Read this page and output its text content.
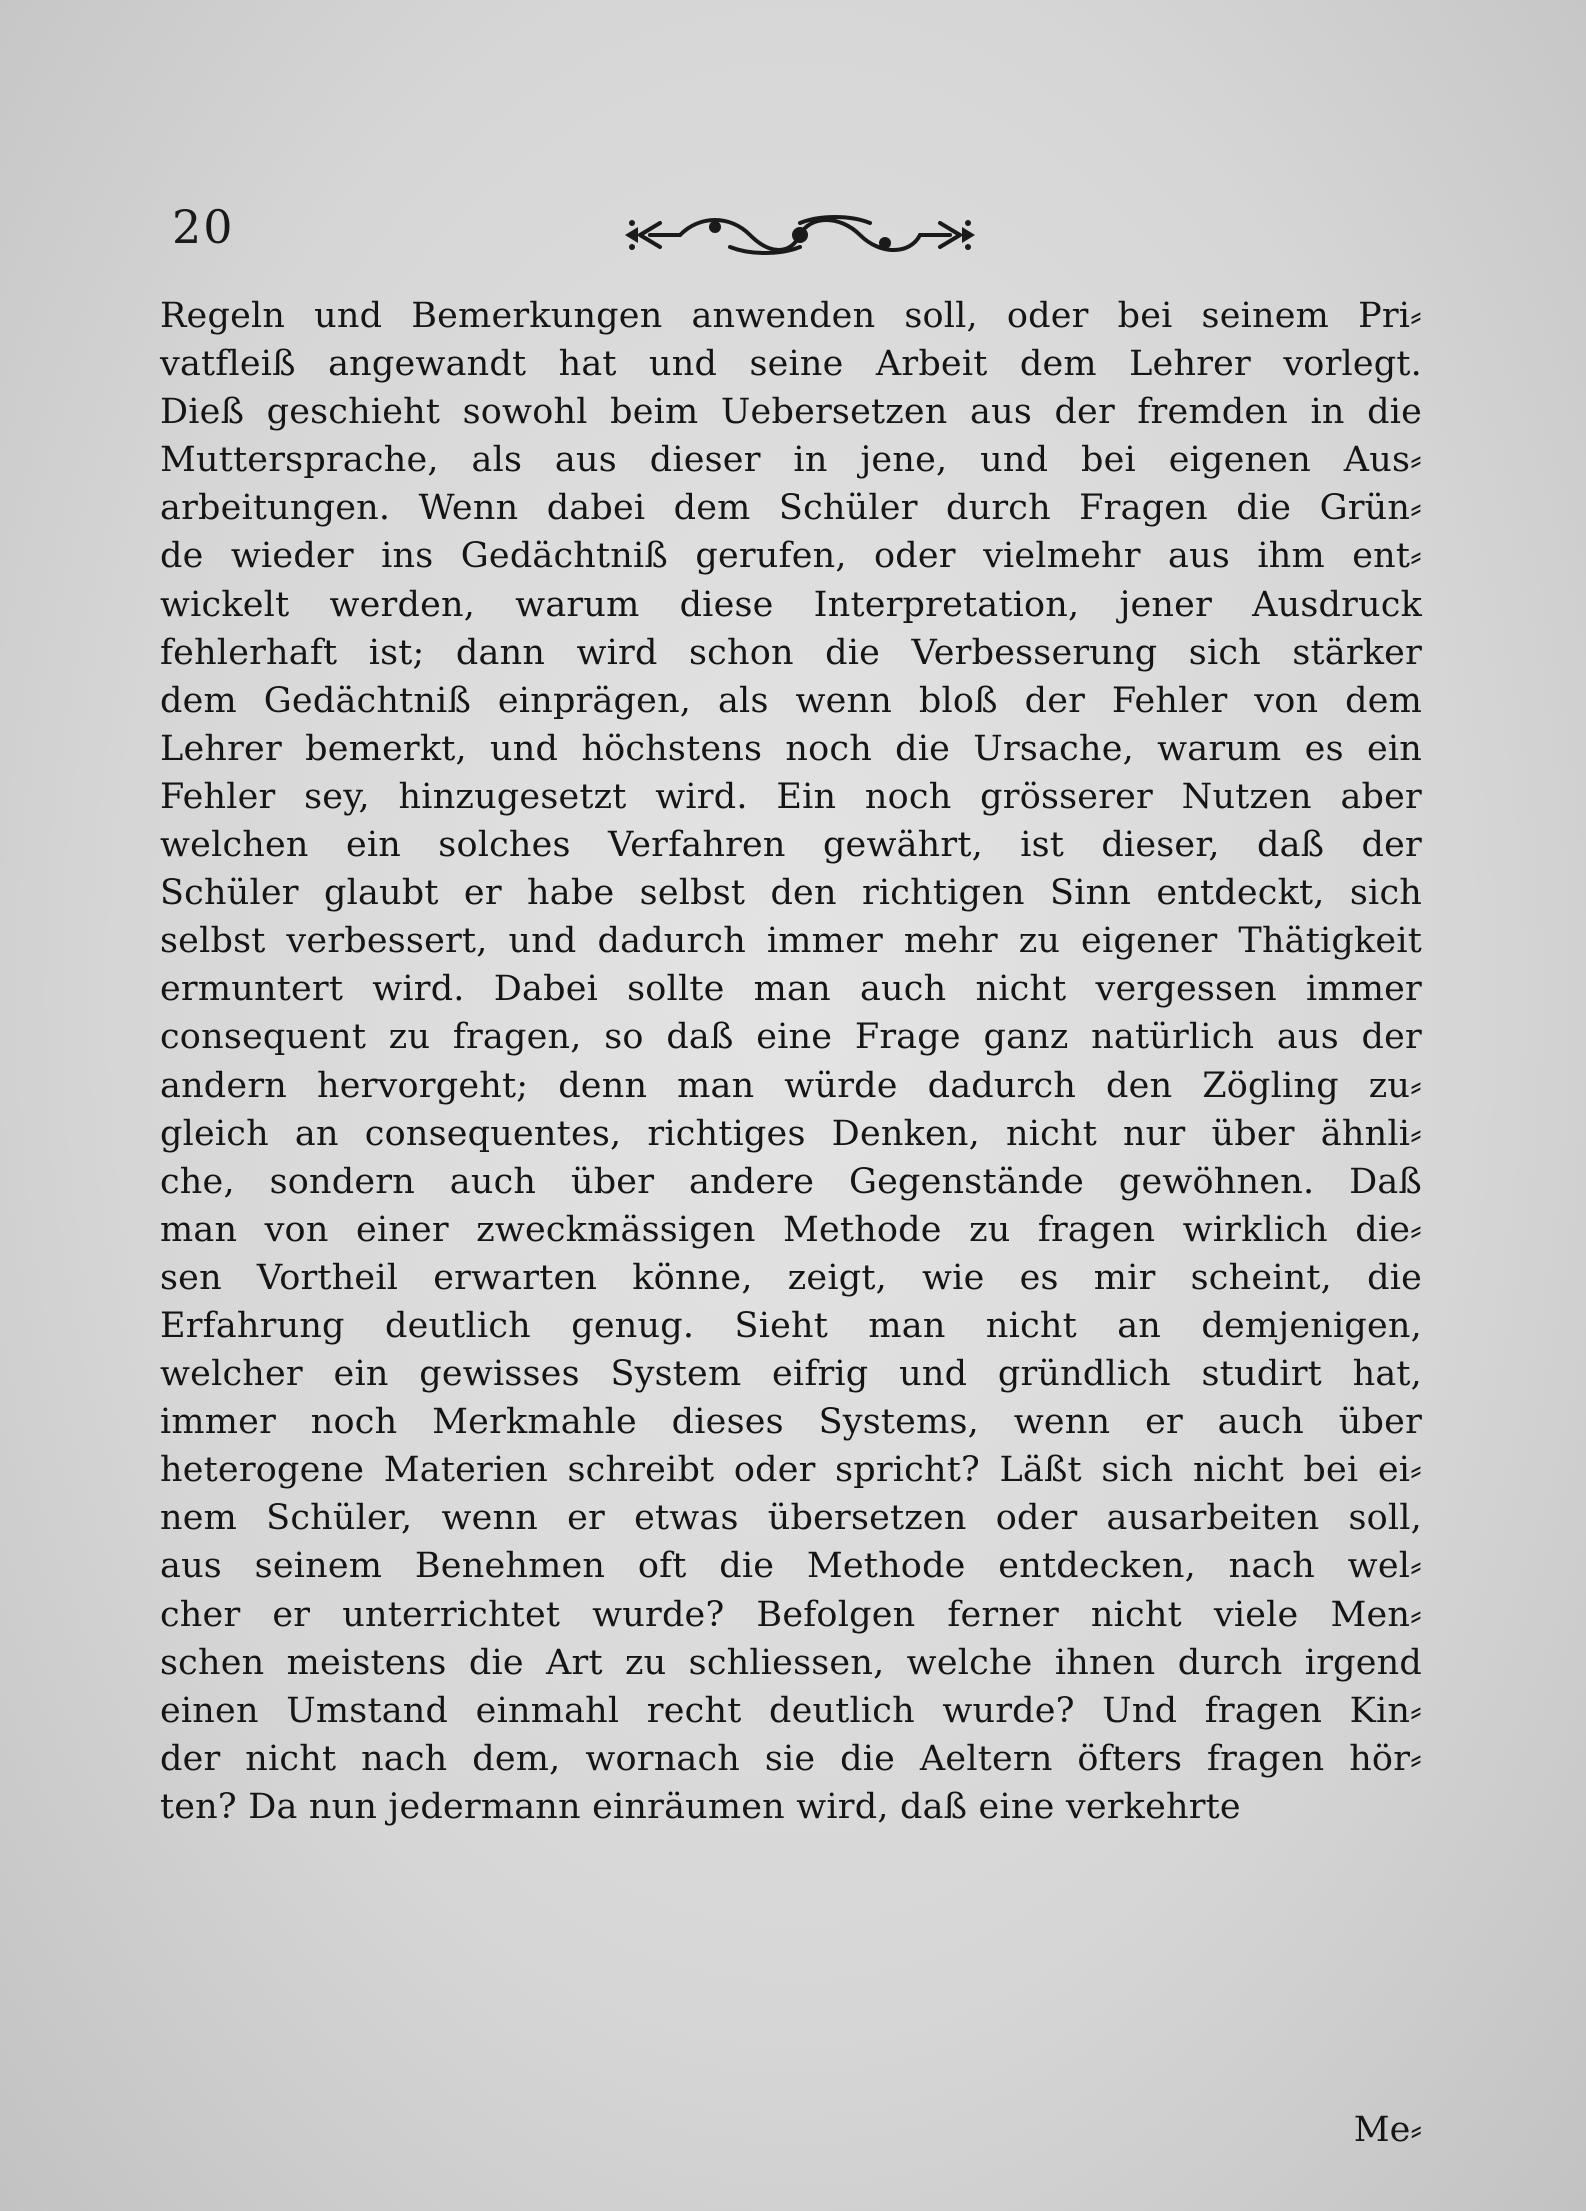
20
Regeln und Bemerkungen anwenden soll, oder bei seinem Pri⸗
vatfleiß angewandt hat und seine Arbeit dem Lehrer vorlegt.
Dieß geschieht sowohl beim Uebersetzen aus der fremden in die
Muttersprache, als aus dieser in jene, und bei eigenen Aus⸗
arbeitungen. Wenn dabei dem Schüler durch Fragen die Grün⸗
de wieder ins Gedächtniß gerufen, oder vielmehr aus ihm ent⸗
wickelt werden, warum diese Interpretation, jener Ausdruck
fehlerhaft ist; dann wird schon die Verbesserung sich stärker
dem Gedächtniß einprägen, als wenn bloß der Fehler von dem
Lehrer bemerkt, und höchstens noch die Ursache, warum es ein
Fehler sey, hinzugesetzt wird. Ein noch grösserer Nutzen aber
welchen ein solches Verfahren gewährt, ist dieser, daß der
Schüler glaubt er habe selbst den richtigen Sinn entdeckt, sich
selbst verbessert, und dadurch immer mehr zu eigener Thätigkeit
ermuntert wird. Dabei sollte man auch nicht vergessen immer
consequent zu fragen, so daß eine Frage ganz natürlich aus der
andern hervorgeht; denn man würde dadurch den Zögling zu⸗
gleich an consequentes, richtiges Denken, nicht nur über ähnli⸗
che, sondern auch über andere Gegenstände gewöhnen. Daß
man von einer zweckmässigen Methode zu fragen wirklich die⸗
sen Vortheil erwarten könne, zeigt, wie es mir scheint, die
Erfahrung deutlich genug. Sieht man nicht an demjenigen,
welcher ein gewisses System eifrig und gründlich studirt hat,
immer noch Merkmahle dieses Systems, wenn er auch über
heterogene Materien schreibt oder spricht? Läßt sich nicht bei ei⸗
nem Schüler, wenn er etwas übersetzen oder ausarbeiten soll,
aus seinem Benehmen oft die Methode entdecken, nach wel⸗
cher er unterrichtet wurde? Befolgen ferner nicht viele Men⸗
schen meistens die Art zu schliessen, welche ihnen durch irgend
einen Umstand einmahl recht deutlich wurde? Und fragen Kin⸗
der nicht nach dem, wornach sie die Aeltern öfters fragen hör⸗
ten? Da nun jedermann einräumen wird, daß eine verkehrte
Me⸗
